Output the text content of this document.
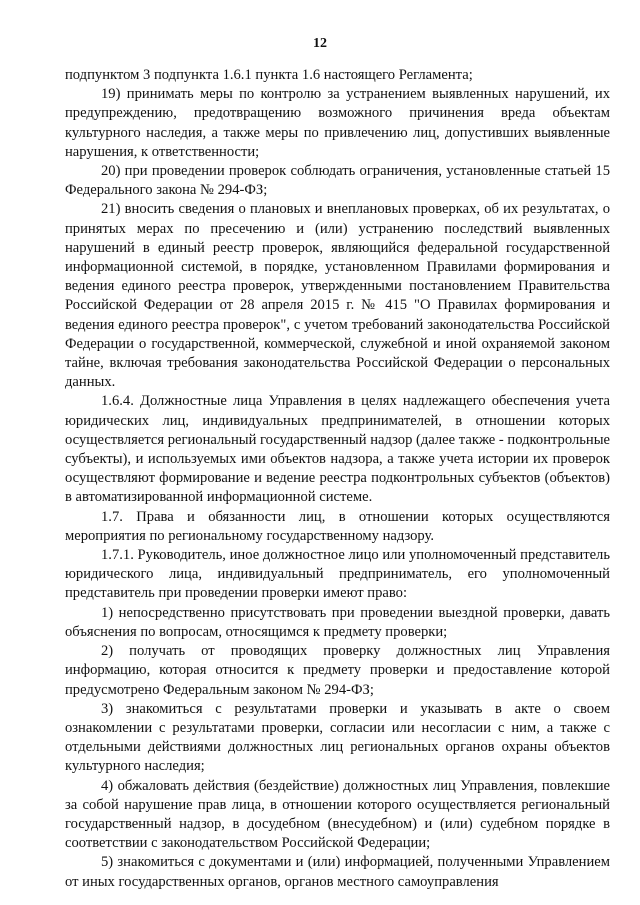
12

подпунктом 3 подпункта 1.6.1 пункта 1.6 настоящего Регламента;

19) принимать меры по контролю за устранением выявленных нарушений, их предупреждению, предотвращению возможного причинения вреда объектам культурного наследия, а также меры по привлечению лиц, допустивших выявленные нарушения, к ответственности;

20) при проведении проверок соблюдать ограничения, установленные статьей 15 Федерального закона № 294-ФЗ;

21) вносить сведения о плановых и внеплановых проверках, об их результатах, о принятых мерах по пресечению и (или) устранению последствий выявленных нарушений в единый реестр проверок, являющийся федеральной государственной информационной системой, в порядке, установленном Правилами формирования и ведения единого реестра проверок, утвержденными постановлением Правительства Российской Федерации от 28 апреля 2015 г. № 415 "О Правилах формирования и ведения единого реестра проверок", с учетом требований законодательства Российской Федерации о государственной, коммерческой, служебной и иной охраняемой законом тайне, включая требования законодательства Российской Федерации о персональных данных.

1.6.4. Должностные лица Управления в целях надлежащего обеспечения учета юридических лиц, индивидуальных предпринимателей, в отношении которых осуществляется региональный государственный надзор (далее также - подконтрольные субъекты), и используемых ими объектов надзора, а также учета истории их проверок осуществляют формирование и ведение реестра подконтрольных субъектов (объектов) в автоматизированной информационной системе.

1.7. Права и обязанности лиц, в отношении которых осуществляются мероприятия по региональному государственному надзору.

1.7.1. Руководитель, иное должностное лицо или уполномоченный представитель юридического лица, индивидуальный предприниматель, его уполномоченный представитель при проведении проверки имеют право:

1) непосредственно присутствовать при проведении выездной проверки, давать объяснения по вопросам, относящимся к предмету проверки;

2) получать от проводящих проверку должностных лиц Управления информацию, которая относится к предмету проверки и предоставление которой предусмотрено Федеральным законом № 294-ФЗ;

3) знакомиться с результатами проверки и указывать в акте о своем ознакомлении с результатами проверки, согласии или несогласии с ним, а также с отдельными действиями должностных лиц региональных органов охраны объектов культурного наследия;

4) обжаловать действия (бездействие) должностных лиц Управления, повлекшие за собой нарушение прав лица, в отношении которого осуществляется региональный государственный надзор, в досудебном (внесудебном) и (или) судебном порядке в соответствии с законодательством Российской Федерации;

5) знакомиться с документами и (или) информацией, полученными Управлением от иных государственных органов, органов местного самоуправления
